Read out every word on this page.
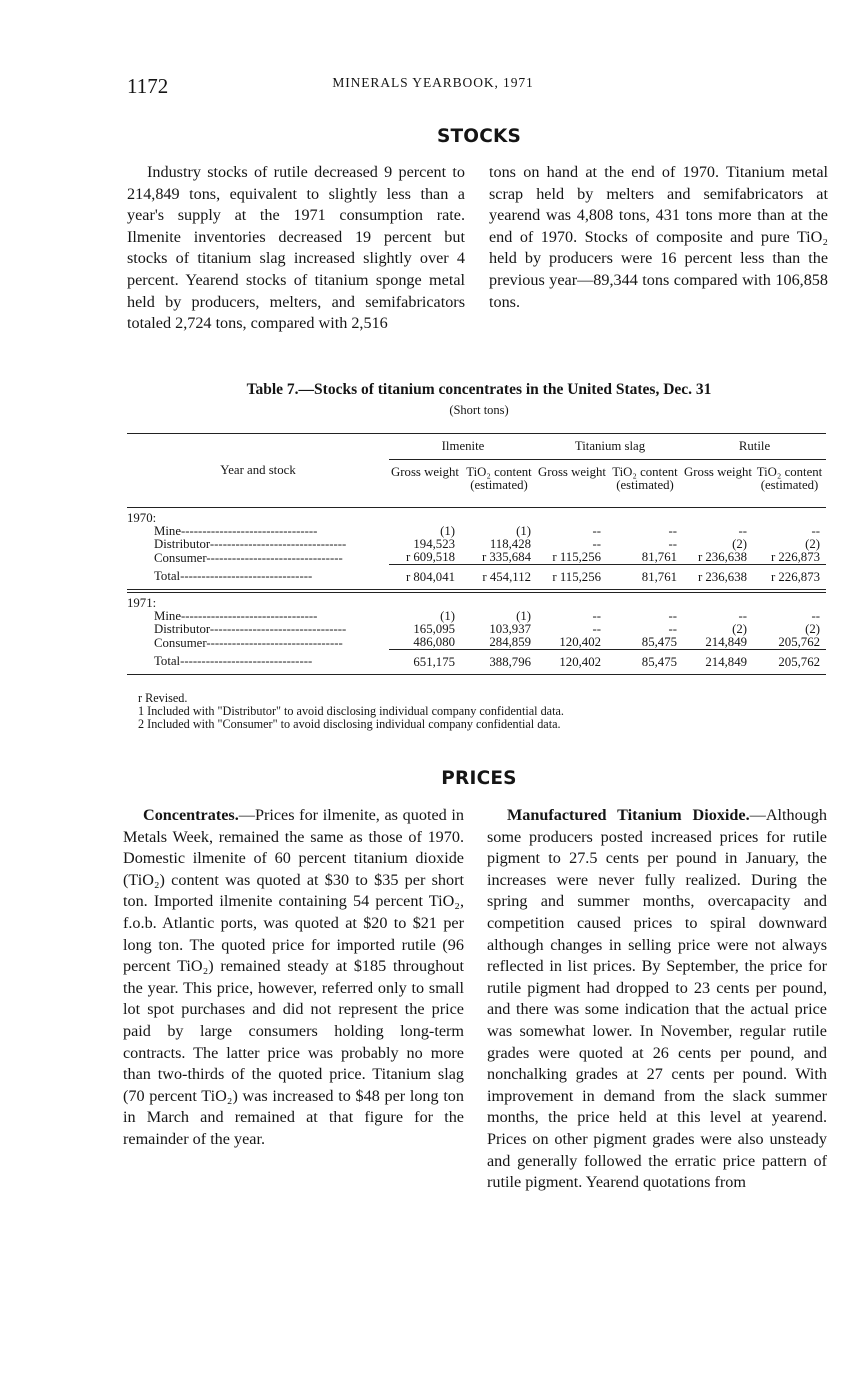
1172	MINERALS YEARBOOK, 1971
STOCKS

Industry stocks of rutile decreased 9 percent to 214,849 tons, equivalent to slightly less than a year's supply at the 1971 consumption rate. Ilmenite inventories decreased 19 percent but stocks of titanium slag increased slightly over 4 percent. Yearend stocks of titanium sponge metal held by producers, melters, and semifabricators totaled 2,724 tons, compared with 2,516

tons on hand at the end of 1970. Titanium metal scrap held by melters and semifabricators at yearend was 4,808 tons, 431 tons more than at the end of 1970. Stocks of composite and pure TiO₂ held by producers were 16 percent less than the previous year—89,344 tons compared with 106,858 tons.

Table 7.—Stocks of titanium concentrates in the United States, Dec. 31
(Short tons)
Year and stock	Ilmenite		Titanium slag		Rutile	
	Gross weight	TiO₂ content (estimated)	Gross weight	TiO₂ content (estimated)	Gross weight	TiO₂ content (estimated)

1970:						
Mine--------------------------------	(1)	(1)	--	--	--	--
Distributor--------------------------------	194,523	118,428	--	--	(2)	(2)
Consumer--------------------------------	r 609,518	r 335,684	r 115,256	81,761	r 236,638	r 226,873
Total-------------------------------	r 804,041	r 454,112	r 115,256	81,761	r 236,638	r 226,873

1971:						
Mine--------------------------------	(1)	(1)	--	--	--	--
Distributor--------------------------------	165,095	103,937	--	--	(2)	(2)
Consumer--------------------------------	486,080	284,859	120,402	85,475	214,849	205,762
Total-------------------------------	651,175	388,796	120,402	85,475	214,849	205,762
r Revised.
1 Included with "Distributor" to avoid disclosing individual company confidential data.
2 Included with "Consumer" to avoid disclosing individual company confidential data.
PRICES

Concentrates.—Prices for ilmenite, as quoted in Metals Week, remained the same as those of 1970. Domestic ilmenite of 60 percent titanium dioxide (TiO₂) content was quoted at $30 to $35 per short ton. Imported ilmenite containing 54 percent TiO₂, f.o.b. Atlantic ports, was quoted at $20 to $21 per long ton. The quoted price for imported rutile (96 percent TiO₂) remained steady at $185 throughout the year. This price, however, referred only to small lot spot purchases and did not represent the price paid by large consumers holding long-term contracts. The latter price was probably no more than two-thirds of the quoted price. Titanium slag (70 percent TiO₂) was increased to $48 per long ton in March and remained at that figure for the remainder of the year.

Manufactured Titanium Dioxide.—Although some producers posted increased prices for rutile pigment to 27.5 cents per pound in January, the increases were never fully realized. During the spring and summer months, overcapacity and competition caused prices to spiral downward although changes in selling price were not always reflected in list prices. By September, the price for rutile pigment had dropped to 23 cents per pound, and there was some indication that the actual price was somewhat lower. In November, regular rutile grades were quoted at 26 cents per pound, and nonchalking grades at 27 cents per pound. With improvement in demand from the slack summer months, the price held at this level at yearend. Prices on other pigment grades were also unsteady and generally followed the erratic price pattern of rutile pigment. Yearend quotations from
